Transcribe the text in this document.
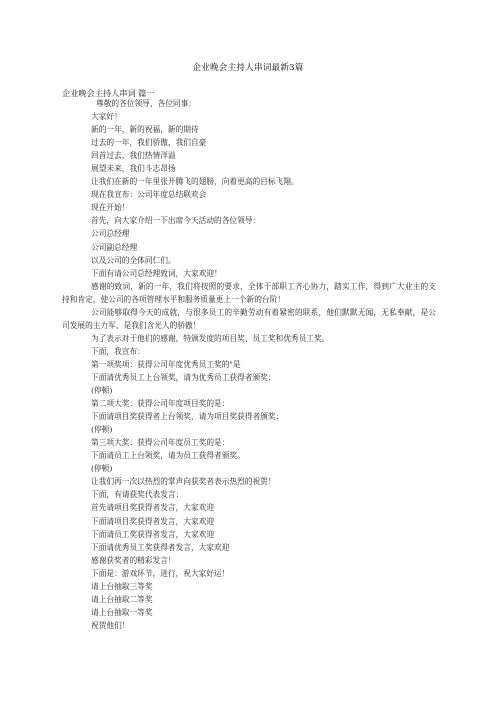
企业晚会主持人串词最新3篇
企业晚会主持人串词 篇一
尊敬的各位领导，各位同事：
大家好！
新的一年，新的祝福，新的期待
过去的一年，我们骄傲，我们自豪
回首过去，我们热情洋溢
展望未来，我们斗志昂扬
让我们在新的一年里张开腾飞的翅膀，向着更高的目标飞翔。
现在我宣布：公司年度总结联欢会
现在开始！
首先，向大家介绍一下出席今天活动的各位领导：
公司总经理
公司副总经理
以及公司的全体同仁们。
下面有请公司总经理致词，大家欢迎！
感谢的致词，新的一年，我们将按照的要求，全体干部职工齐心协力，踏实工作，得到广大业主的支持和肯定，使公司的各项管理水平和服务质量更上一个新的台阶！
公司能够取得今天的成就，与很多员工的辛勤劳动有着紧密的联系，他们默默无闻，无私奉献，是公司发展的主力军，是我们含光人的骄傲！
为了表示对于他们的感谢，特颁发度的项目奖、员工奖和优秀员工奖。
下面，我宣布：
第一项奖项：获得公司年度优秀员工奖的"是
下面请优秀员工上台领奖，请为优秀员工获得者颁奖；
(停顿)
第二项大奖：获得公司年度项目奖的是：
下面请项目奖获得者上台领奖，请为项目奖获得者颁奖；
(停顿)
第三项大奖：获得公司年度员工奖的是：
下面请员工上台领奖，请为员工获得者颁奖。
(停顿)
让我们再一次以热烈的掌声向获奖者表示热烈的祝贺！
下面，有请获奖代表发言：
首先请项目奖获得者发言，大家欢迎
下面请项目奖获得者发言，大家欢迎
下面请员工奖获得者发言，大家欢迎
下面请优秀员工奖获得者发言，大家欢迎
感谢获奖者的精彩发言！
下面是：游戏环节，进行，祝大家好运！
请上台抽取三等奖
请上台抽取二等奖
请上台抽取一等奖
祝贺他们！
